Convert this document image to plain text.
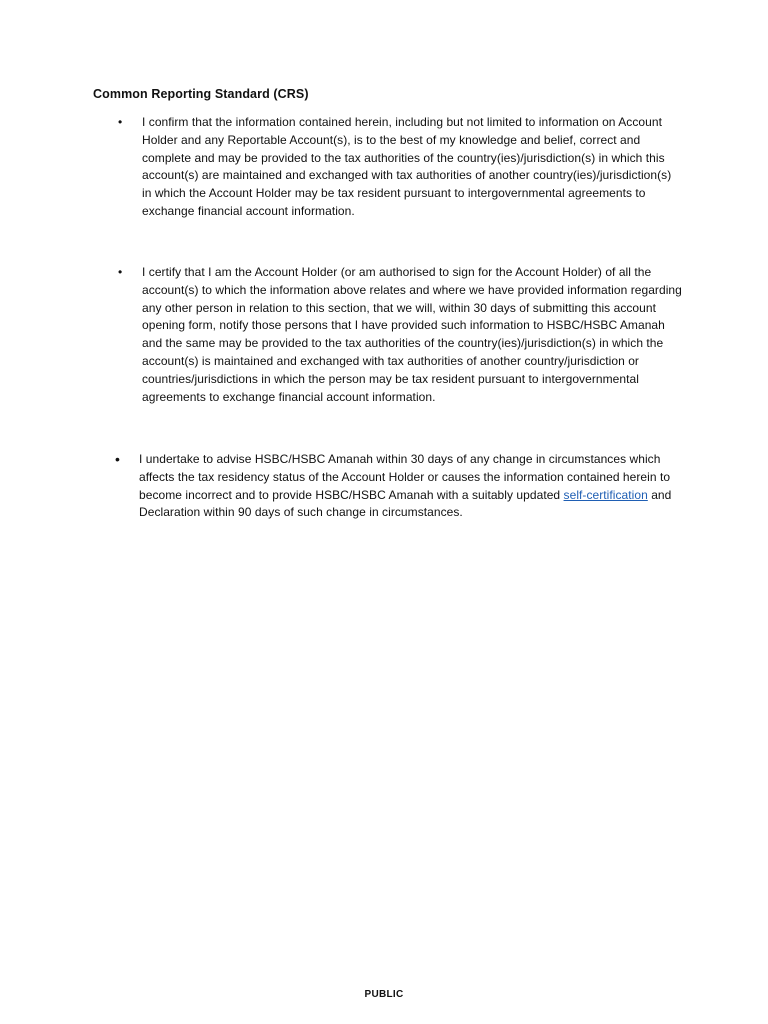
Common Reporting Standard (CRS)
• I confirm that the information contained herein, including but not limited to information on Account Holder and any Reportable Account(s), is to the best of my knowledge and belief, correct and complete and may be provided to the tax authorities of the country(ies)/jurisdiction(s) in which this account(s) are maintained and exchanged with tax authorities of another country(ies)/jurisdiction(s) in which the Account Holder may be tax resident pursuant to intergovernmental agreements to exchange financial account information.
• I certify that I am the Account Holder (or am authorised to sign for the Account Holder) of all the account(s) to which the information above relates and where we have provided information regarding any other person in relation to this section, that we will, within 30 days of submitting this account opening form, notify those persons that I have provided such information to HSBC/HSBC Amanah and the same may be provided to the tax authorities of the country(ies)/jurisdiction(s) in which the account(s) is maintained and exchanged with tax authorities of another country/jurisdiction or countries/jurisdictions in which the person may be tax resident pursuant to intergovernmental agreements to exchange financial account information.
• I undertake to advise HSBC/HSBC Amanah within 30 days of any change in circumstances which affects the tax residency status of the Account Holder or causes the information contained herein to become incorrect and to provide HSBC/HSBC Amanah with a suitably updated self-certification and Declaration within 90 days of such change in circumstances.
PUBLIC
